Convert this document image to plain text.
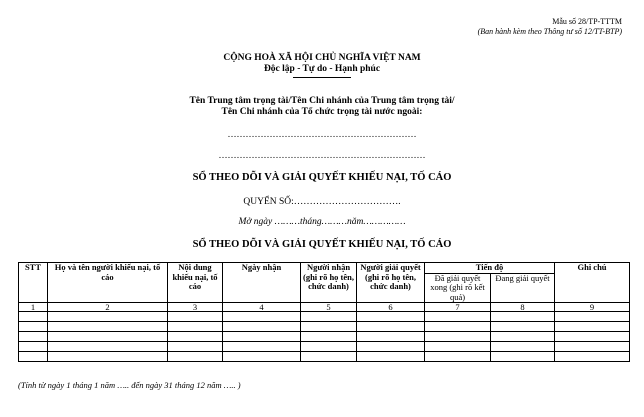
Mẫu số 28/TP-TTTM
(Ban hành kèm theo Thông tư số 12/TT-BTP)
CỘNG HOÀ XÃ HỘI CHỦ NGHĨA VIỆT NAM
Độc lập - Tự do - Hạnh phúc
Tên Trung tâm trọng tài/Tên Chi nhánh của Trung tâm trọng tài/
Tên Chi nhánh của Tổ chức trọng tài nước ngoài:
………………………………………………………
……………………………………………………………
SỔ THEO DÕI VÀ GIẢI QUYẾT KHIẾU NẠI, TỐ CÁO
QUYỂN SỐ:…………………………….
Mở ngày ………tháng………năm……………
SỔ THEO DÕI VÀ GIẢI QUYẾT KHIẾU NẠI, TỐ CÁO
STT	Họ và tên người khiếu nại, tố cáo	Nội dung khiếu nại, tố cáo	Ngày nhận	Người nhận (ghi rõ họ tên, chức danh)	Người giải quyết (ghi rõ họ tên, chức danh)	Tiến độ		Ghi chú
						Đã giải quyết xong (ghi rõ kết quả)	Đang giải quyết	
1	2	3	4	5	6	7	8	9

(Tính từ ngày 1 tháng 1 năm ….. đến ngày 31 tháng 12 năm ….. )
